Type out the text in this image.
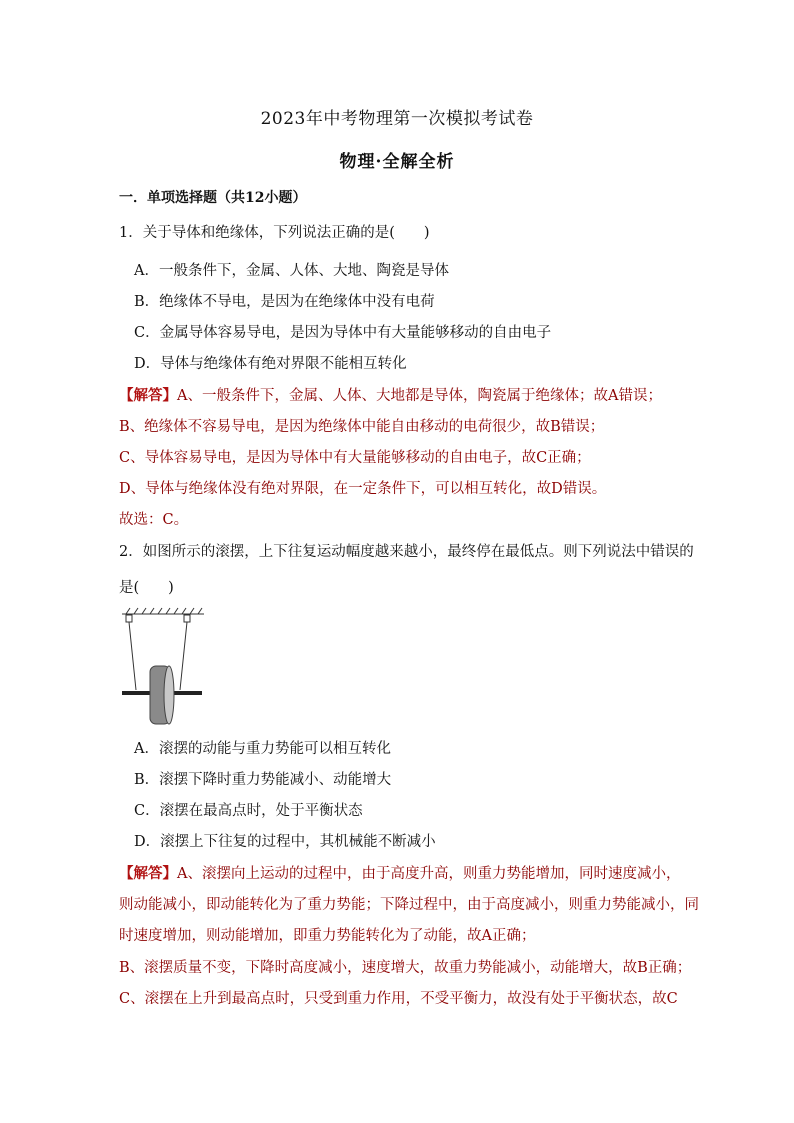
2023年中考物理第一次模拟考试卷
物理·全解全析
一．单项选择题（共12小题）
1．关于导体和绝缘体，下列说法正确的是(　　)
A．一般条件下，金属、人体、大地、陶瓷是导体
B．绝缘体不导电，是因为在绝缘体中没有电荷
C．金属导体容易导电，是因为导体中有大量能够移动的自由电子
D．导体与绝缘体有绝对界限不能相互转化
【解答】A、一般条件下，金属、人体、大地都是导体，陶瓷属于绝缘体；故A错误；
B、绝缘体不容易导电，是因为绝缘体中能自由移动的电荷很少，故B错误；
C、导体容易导电，是因为导体中有大量能够移动的自由电子，故C正确；
D、导体与绝缘体没有绝对界限，在一定条件下，可以相互转化，故D错误。
故选：C。
2．如图所示的滚摆，上下往复运动幅度越来越小，最终停在最低点。则下列说法中错误的
是(　　)
A．滚摆的动能与重力势能可以相互转化
B．滚摆下降时重力势能减小、动能增大
C．滚摆在最高点时，处于平衡状态
D．滚摆上下往复的过程中，其机械能不断减小
【解答】A、滚摆向上运动的过程中，由于高度升高，则重力势能增加，同时速度减小，
则动能减小，即动能转化为了重力势能；下降过程中，由于高度减小，则重力势能减小，同
时速度增加，则动能增加，即重力势能转化为了动能，故A正确；
B、滚摆质量不变，下降时高度减小，速度增大，故重力势能减小，动能增大，故B正确；
C、滚摆在上升到最高点时，只受到重力作用，不受平衡力，故没有处于平衡状态，故C
